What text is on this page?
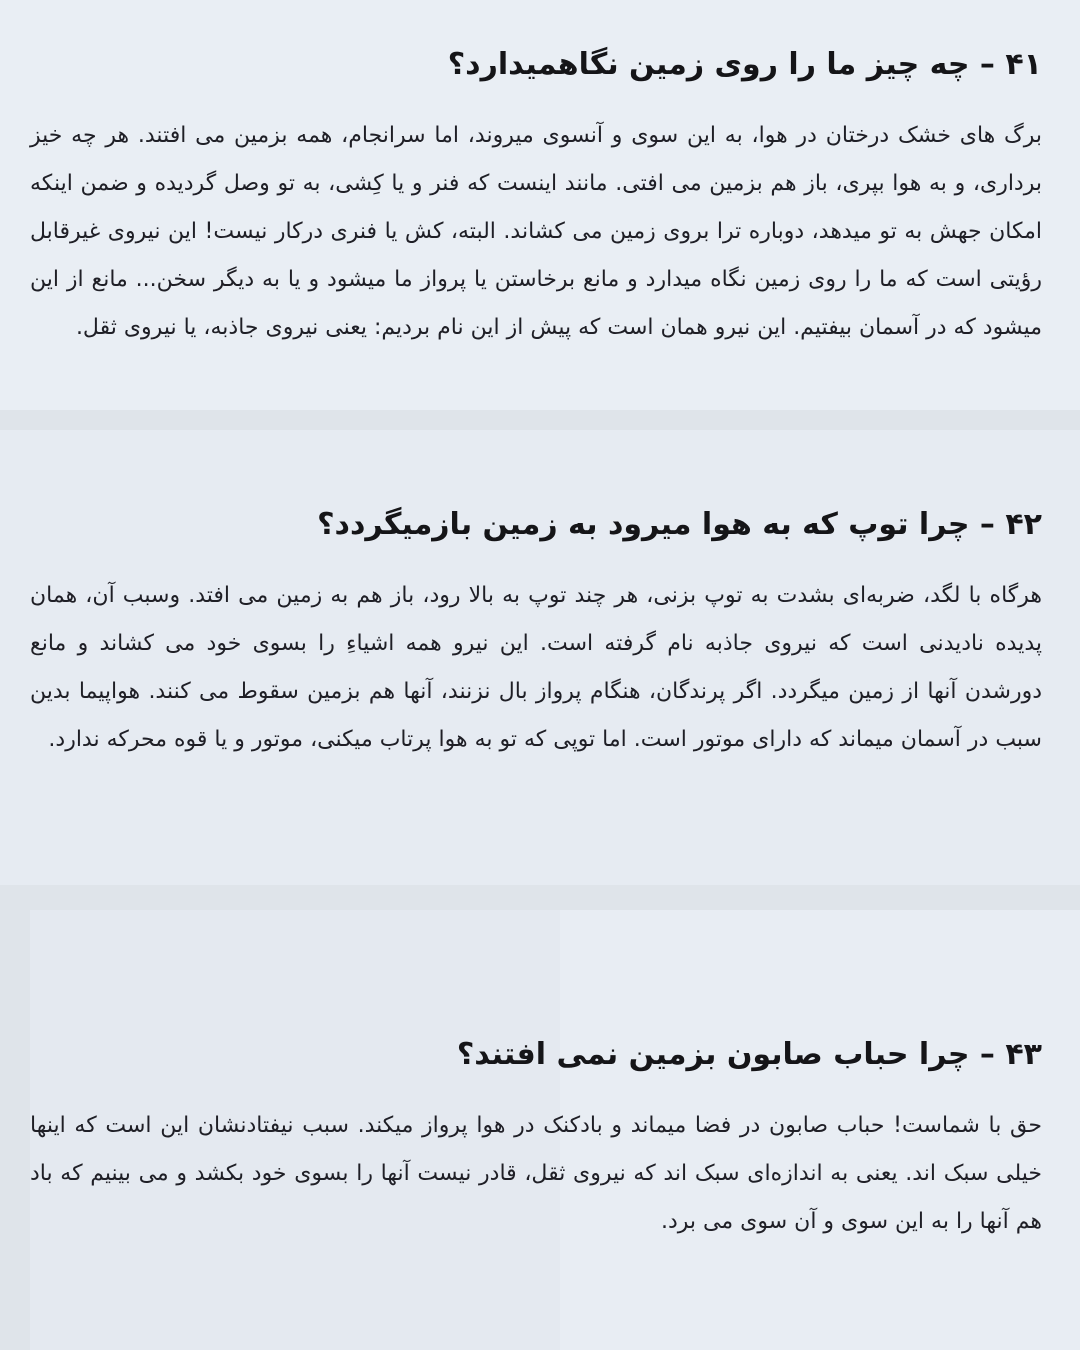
۴۱ – چه چیز ما را روی زمین نگاهمیدارد؟

برگ های خشک درختان در هوا، به این سوی و آنسوی میروند، اما سرانجام، همه بزمین می افتند. هر چه خیز برداری، و به هوا بپری، باز هم بزمین می افتی. مانند اینست که فنر و یا کِشی، به تو وصل گردیده و ضمن اینکه امکان جهش به تو میدهد، دوباره ترا بروی زمین می کشاند. البته، کش یا فنری درکار نیست! این نیروی غیرقابل رؤیتی است که ما را روی زمین نگاه میدارد و مانع برخاستن یا پرواز ما میشود و یا به دیگر سخن... مانع از این میشود که در آسمان بیفتیم. این نیرو همان است که پیش از این نام بردیم: یعنی نیروی جاذبه، یا نیروی ثقل.

۴۲ – چرا توپ که به هوا میرود به زمین بازمیگردد؟

هرگاه با لگد، ضربه‌ای بشدت به توپ بزنی، هر چند توپ به بالا رود، باز هم به زمین می افتد. وسبب آن، همان پدیده نادیدنی است که نیروی جاذبه نام گرفته است. این نیرو همه اشیاءِ را بسوی خود می کشاند و مانع دورشدن آنها از زمین میگردد. اگر پرندگان، هنگام پرواز بال نزنند، آنها هم بزمین سقوط می کنند. هواپیما بدین سبب در آسمان میماند که دارای موتور است. اما توپی که تو به هوا پرتاب میکنی، موتور و یا قوه محرکه ندارد.

۴۳ – چرا حباب صابون بزمین نمی افتند؟

حق با شماست! حباب صابون در فضا میماند و بادکنک در هوا پرواز میکند. سبب نیفتادنشان این است که اینها خیلی سبک اند. یعنی به اندازه‌ای سبک اند که نیروی ثقل، قادر نیست آنها را بسوی خود بکشد و می بینیم که باد هم آنها را به این سوی و آن سوی می برد.
